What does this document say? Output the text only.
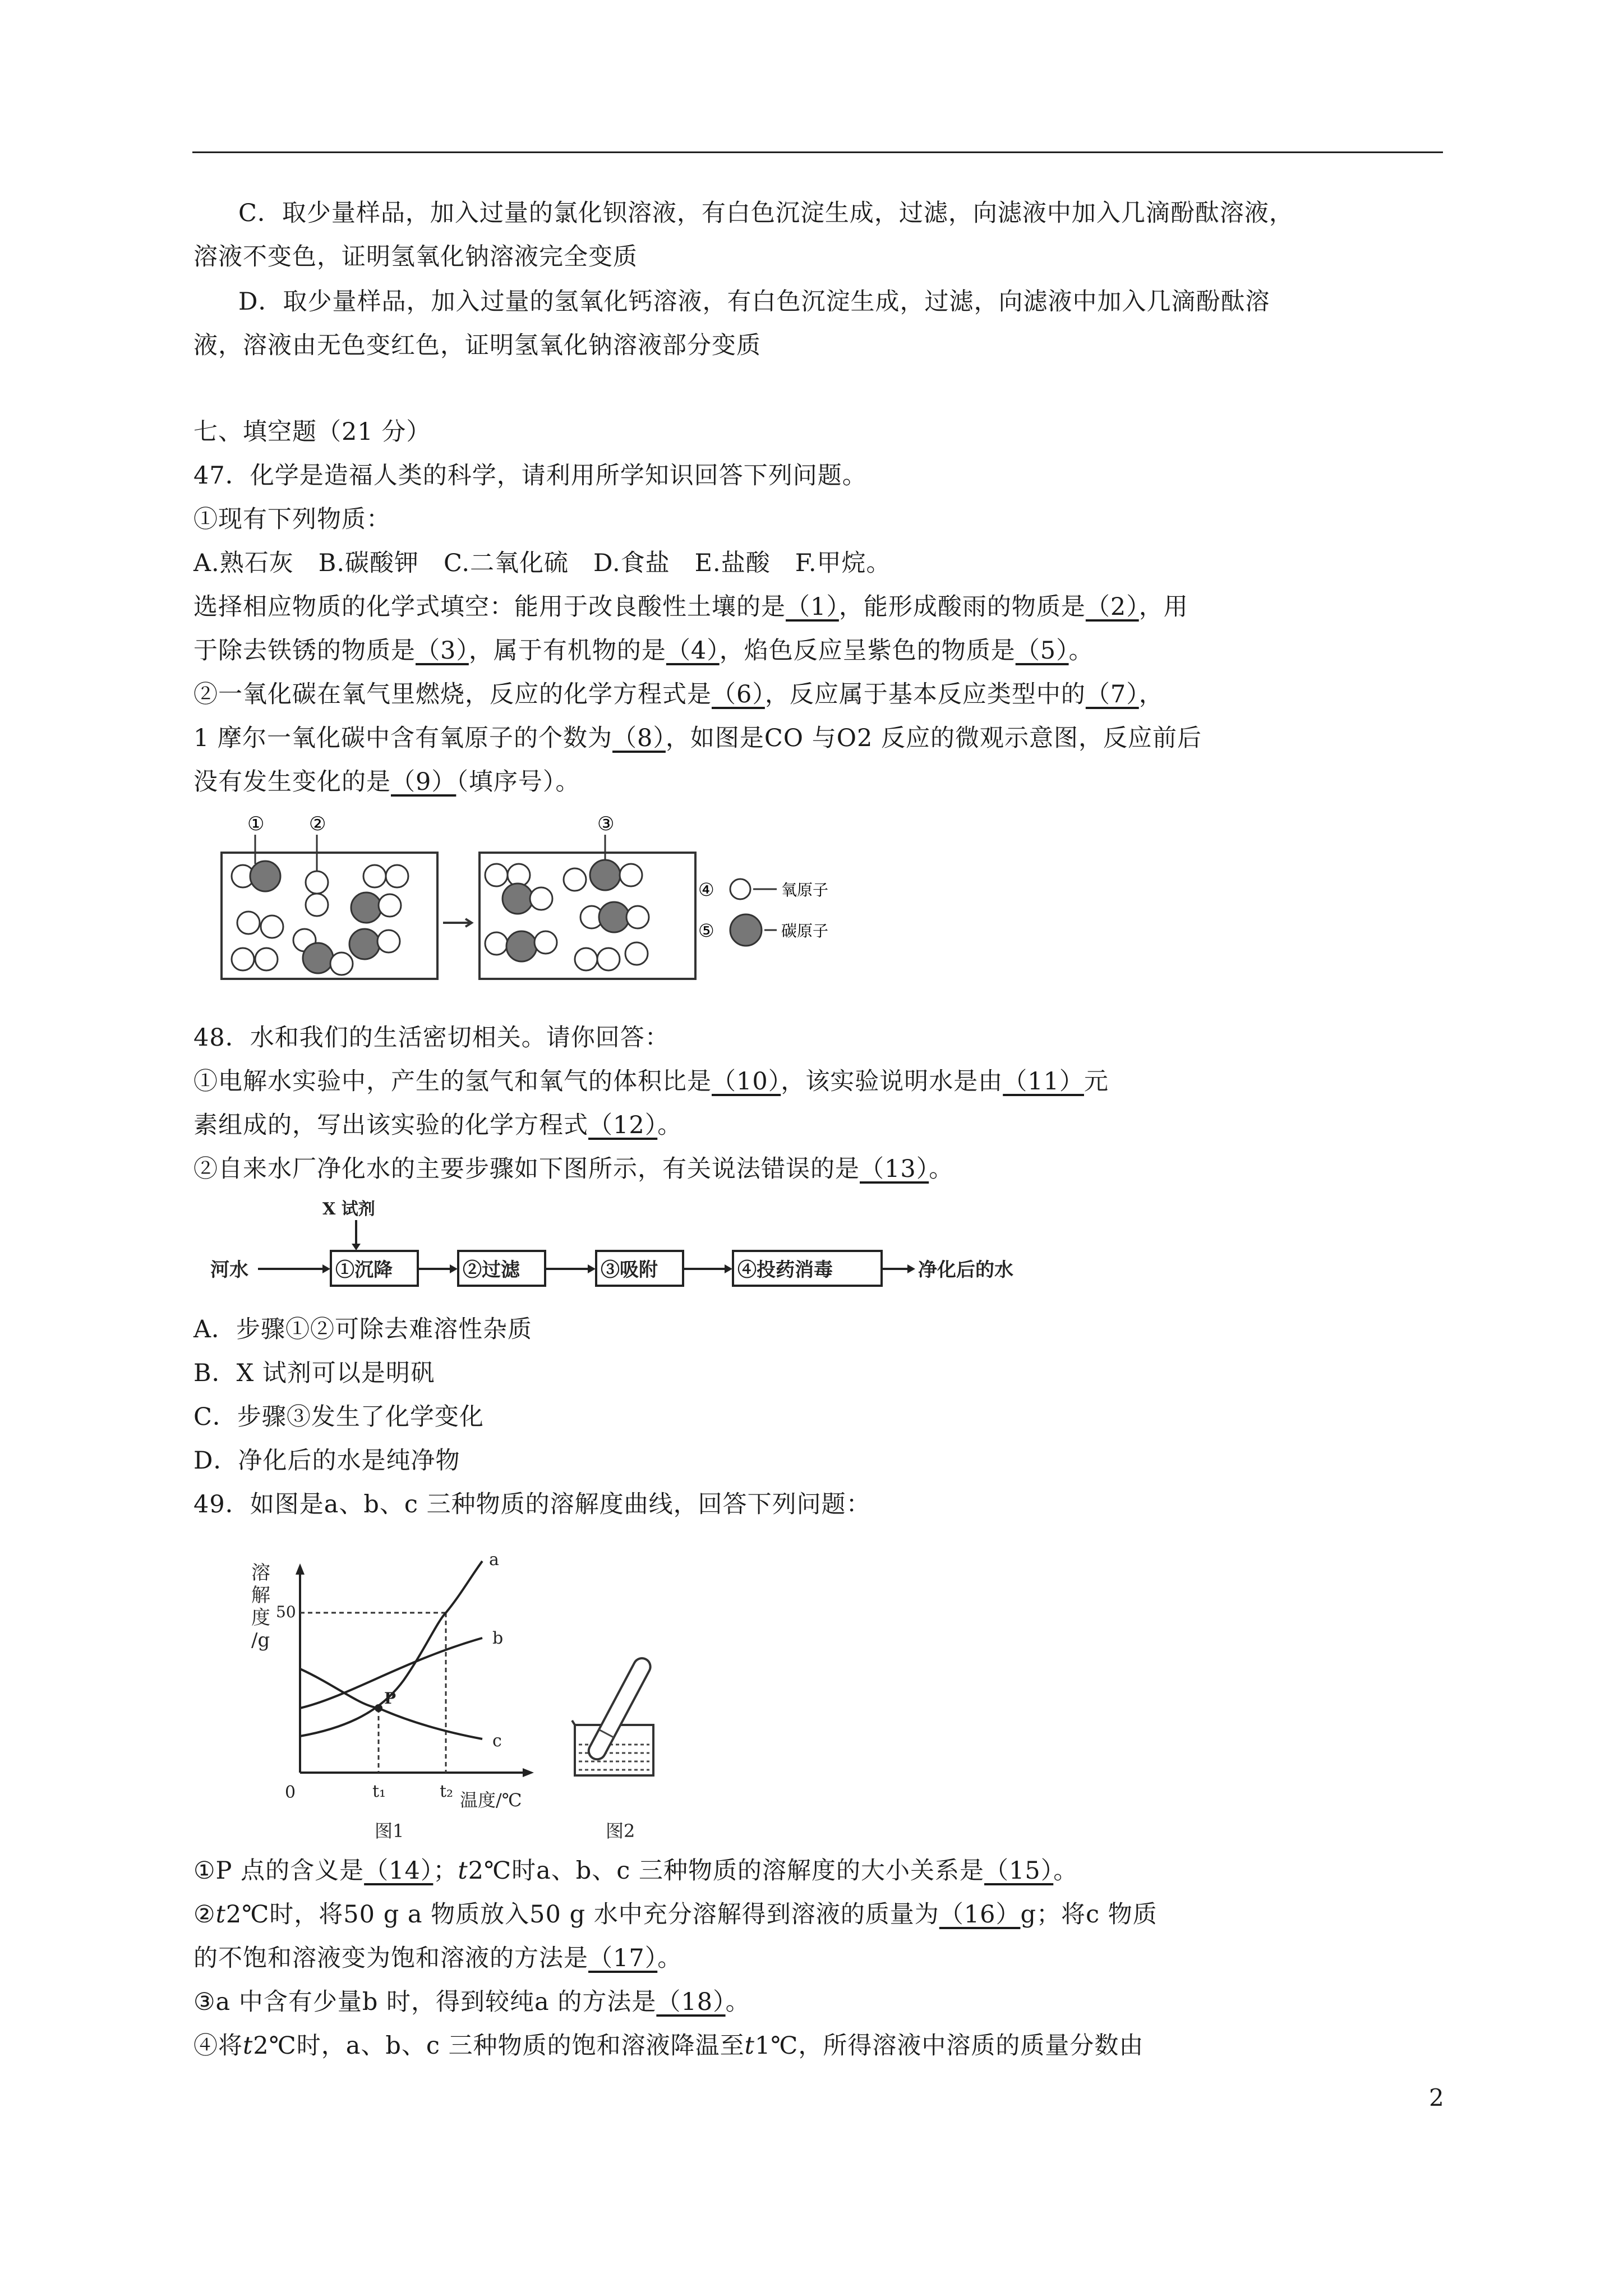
C．取少量样品，加入过量的氯化钡溶液，有白色沉淀生成，过滤，向滤液中加入几滴酚酞溶液，
溶液不变色，证明氢氧化钠溶液完全变质
D．取少量样品，加入过量的氢氧化钙溶液，有白色沉淀生成，过滤，向滤液中加入几滴酚酞溶
液，溶液由无色变红色，证明氢氧化钠溶液部分变质
七、填空题（21 分）
47．化学是造福人类的科学，请利用所学知识回答下列问题。
①现有下列物质：
A.熟石灰　B.碳酸钾　C.二氧化硫　D.食盐　E.盐酸　F.甲烷。
选择相应物质的化学式填空：能用于改良酸性土壤的是（1），能形成酸雨的物质是（2），用
于除去铁锈的物质是（3），属于有机物的是（4），焰色反应呈紫色的物质是（5）。
②一氧化碳在氧气里燃烧，反应的化学方程式是（6），反应属于基本反应类型中的（7），
1 摩尔一氧化碳中含有氧原子的个数为（8），如图是CO 与O2 反应的微观示意图，反应前后
没有发生变化的是（9）（填序号）。
① ②	③
④
⑤
氧原子
碳原子
48．水和我们的生活密切相关。请你回答：
①电解水实验中，产生的氢气和氧气的体积比是（10），该实验说明水是由（11）元
素组成的，写出该实验的化学方程式（12）。
②自来水厂净化水的主要步骤如下图所示，有关说法错误的是（13）。
X 试剂
河水	①沉降	②过滤	③吸附	④投药消毒	净化后的水
A．步骤①②可除去难溶性杂质
B．X 试剂可以是明矾
C．步骤③发生了化学变化
D．净化后的水是纯净物
49．如图是a、b、c 三种物质的溶解度曲线，回答下列问题：
溶
解
度
/g
50
0	t₁	t₂ 温度/℃
a
b
c
P
图1	图2
①P 点的含义是（14）；t2℃时a、b、c 三种物质的溶解度的大小关系是（15）。
②t2℃时，将50 g a 物质放入50 g 水中充分溶解得到溶液的质量为（16）g；将c 物质
的不饱和溶液变为饱和溶液的方法是（17）。
③a 中含有少量b 时，得到较纯a 的方法是（18）。
④将t2℃时，a、b、c 三种物质的饱和溶液降温至t1℃，所得溶液中溶质的质量分数由
2
